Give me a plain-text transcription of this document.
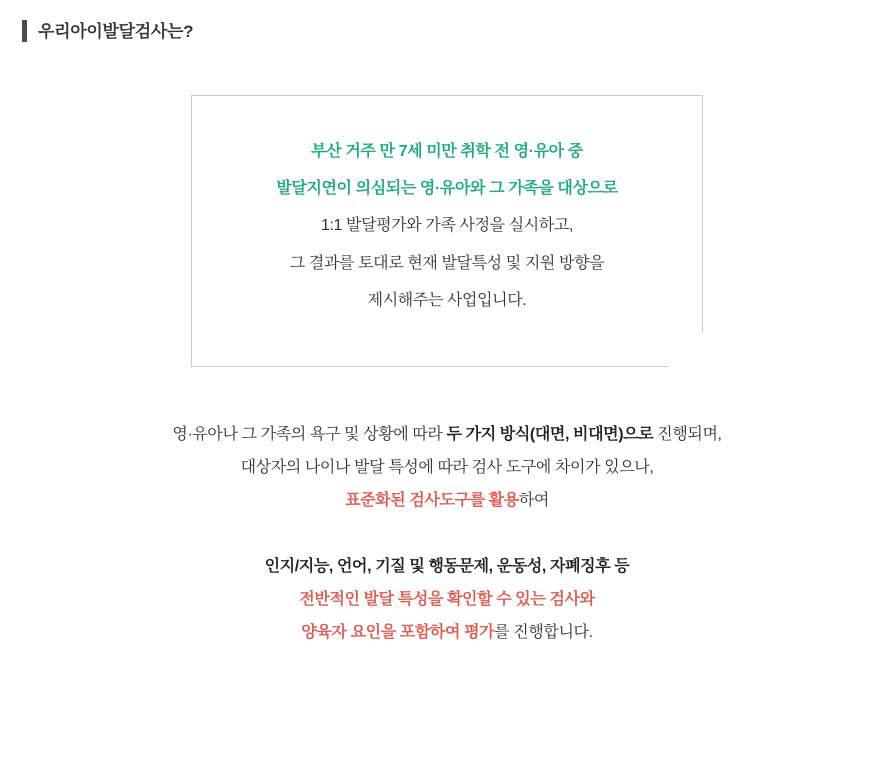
우리아이발달검사는?

부산 거주 만 7세 미만 취학 전 영·유아 중

발달지연이 의심되는 영·유아와 그 가족을 대상으로

1:1 발달평가와 가족 사정을 실시하고,

그 결과를 토대로 현재 발달특성 및 지원 방향을

제시해주는 사업입니다.

영·유아나 그 가족의 욕구 및 상황에 따라 두 가지 방식(대면, 비대면)으로 진행되며,

대상자의 나이나 발달 특성에 따라 검사 도구에 차이가 있으나,

표준화된 검사도구를 활용하여

인지/지능, 언어, 기질 및 행동문제, 운동성, 자폐징후 등

전반적인 발달 특성을 확인할 수 있는 검사와

양육자 요인을 포함하여 평가를 진행합니다.
